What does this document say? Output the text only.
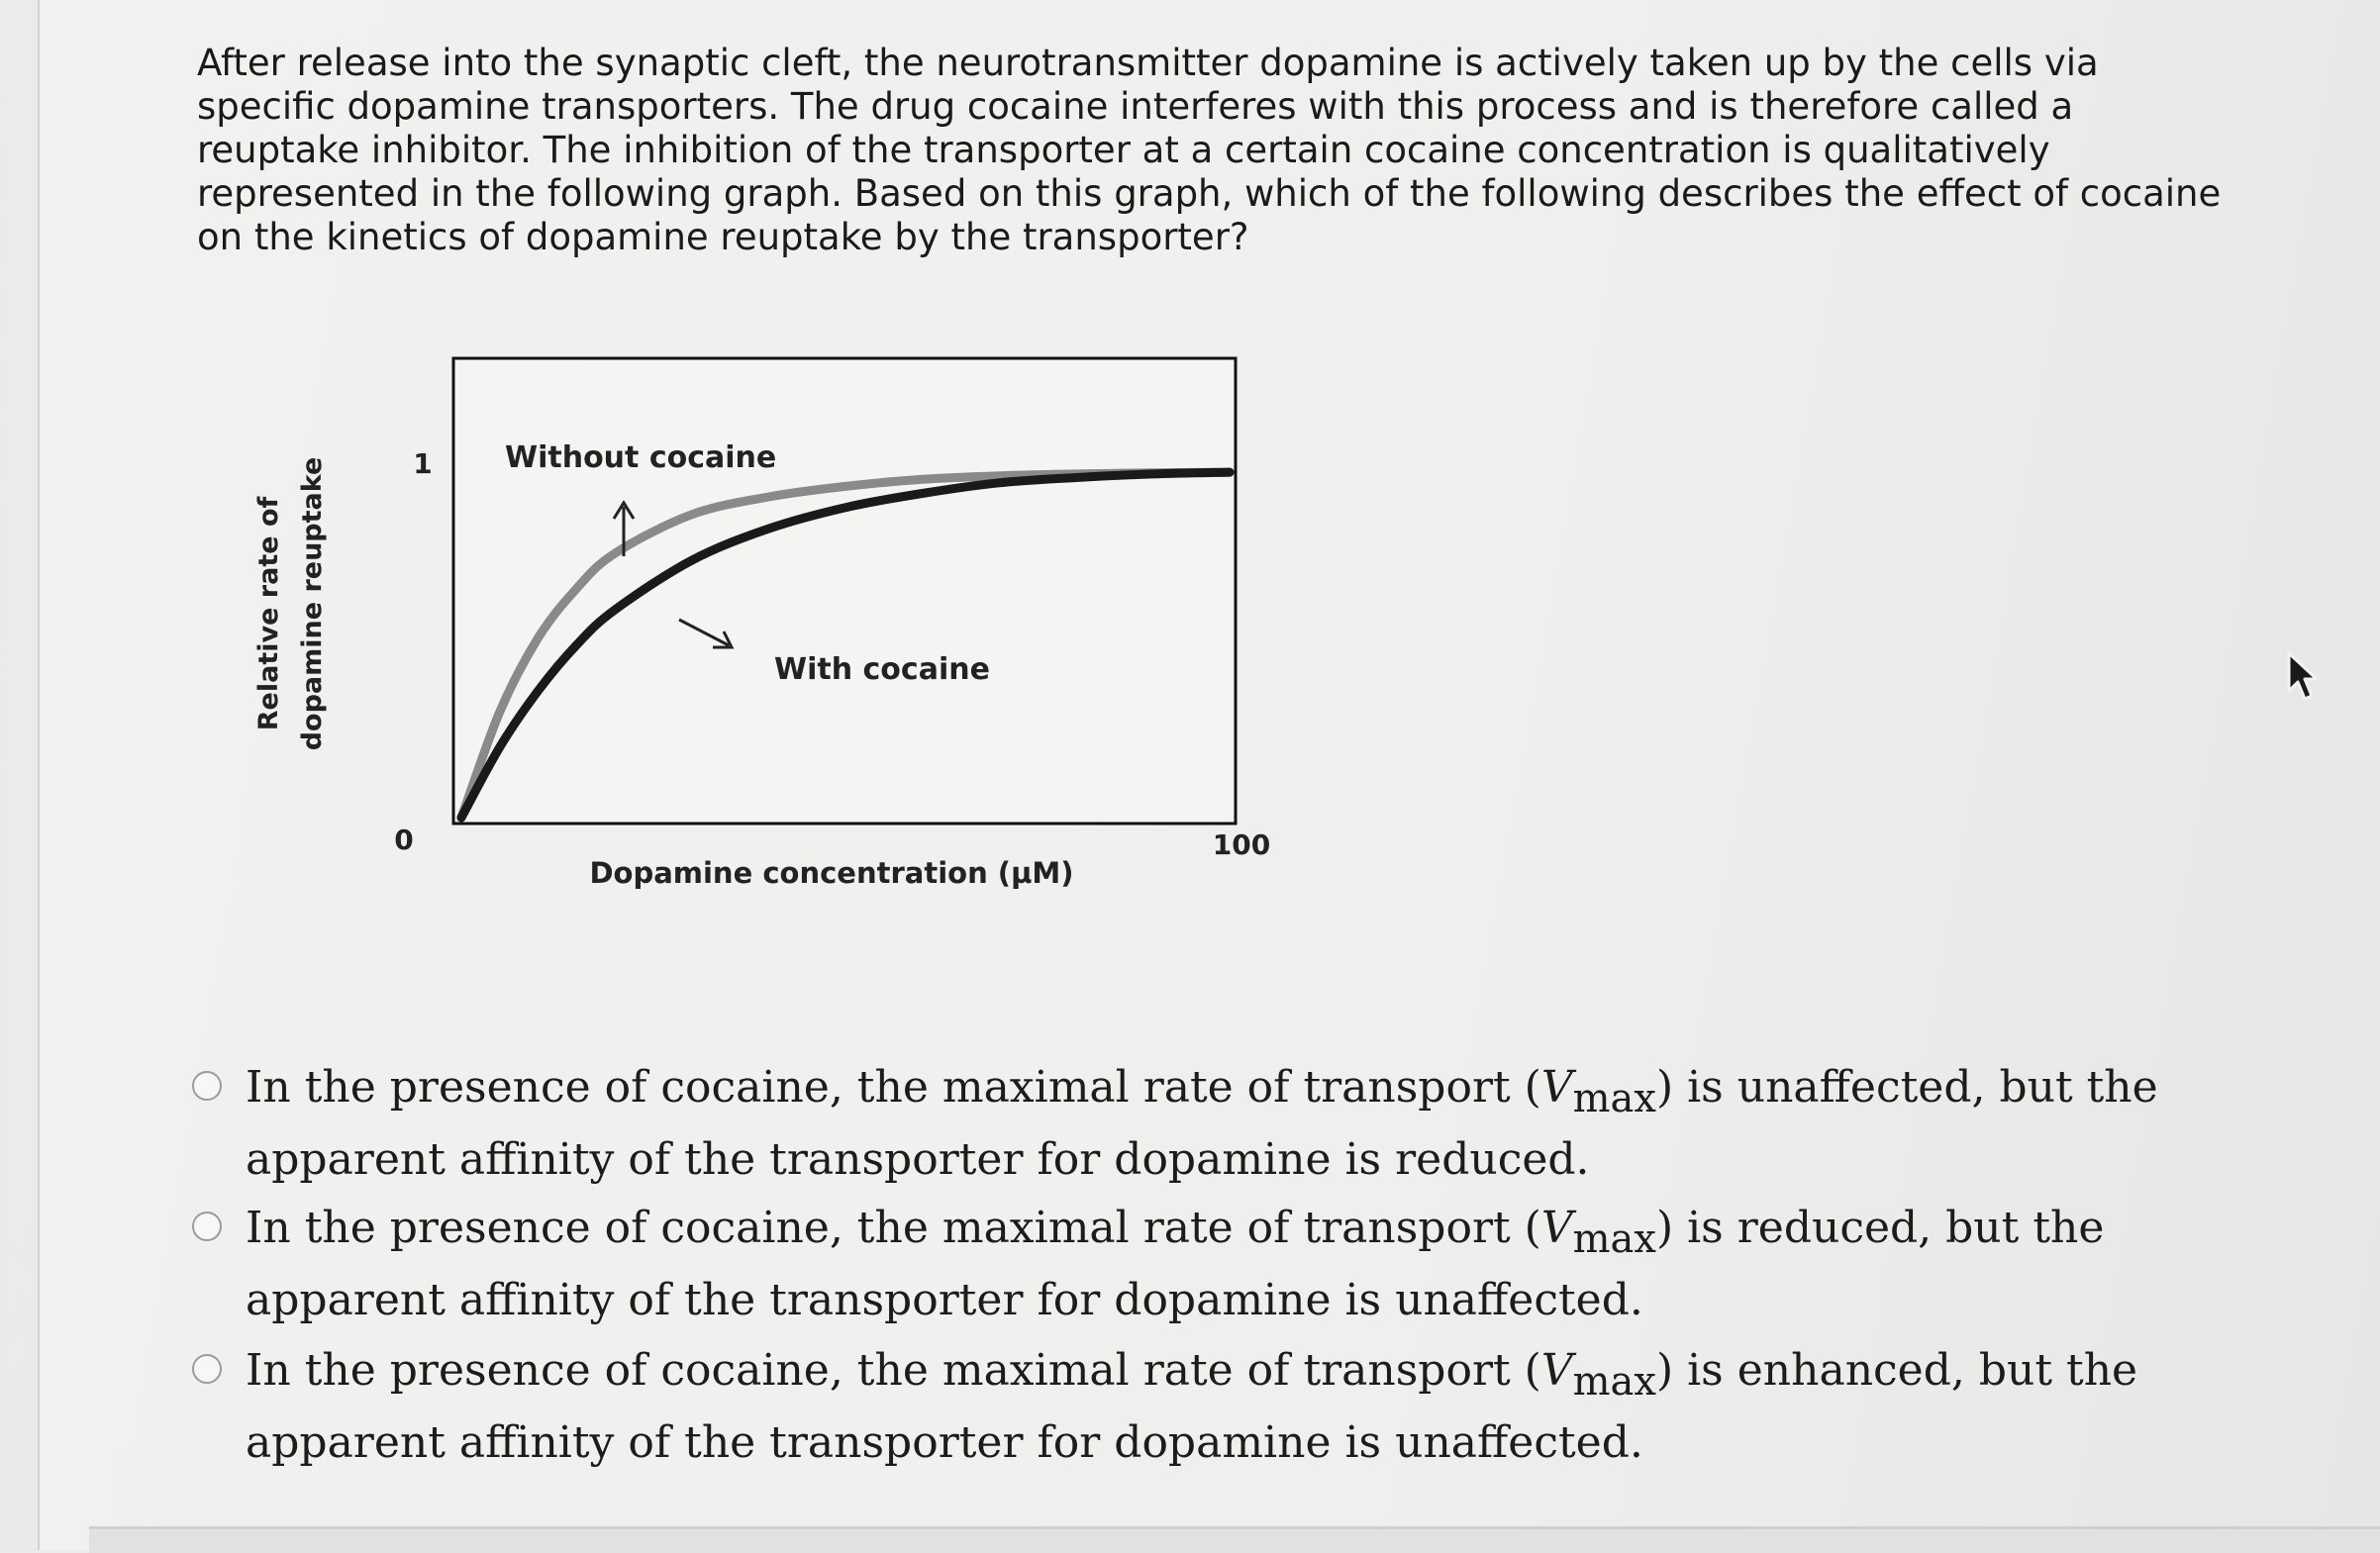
After release into the synaptic cleft, the neurotransmitter dopamine is actively taken up by the cells via specific dopamine transporters. The drug cocaine interferes with this process and is therefore called a reuptake inhibitor. The inhibition of the transporter at a certain cocaine concentration is qualitatively represented in the following graph. Based on this graph, which of the following describes the effect of cocaine on the kinetics of dopamine reuptake by the transporter?
Relative rate of dopamine reuptake	1
0	100
Dopamine concentration (µM)
Without cocaine
With cocaine
In the presence of cocaine, the maximal rate of transport $(V_{max})$ is unaffected, but the apparent affinity of the transporter for dopamine is reduced.
In the presence of cocaine, the maximal rate of transport $(V_{max})$ is reduced, but the apparent affinity of the transporter for dopamine is unaffected.
In the presence of cocaine, the maximal rate of transport $(V_{max})$ is enhanced, but the apparent affinity of the transporter for dopamine is unaffected.
